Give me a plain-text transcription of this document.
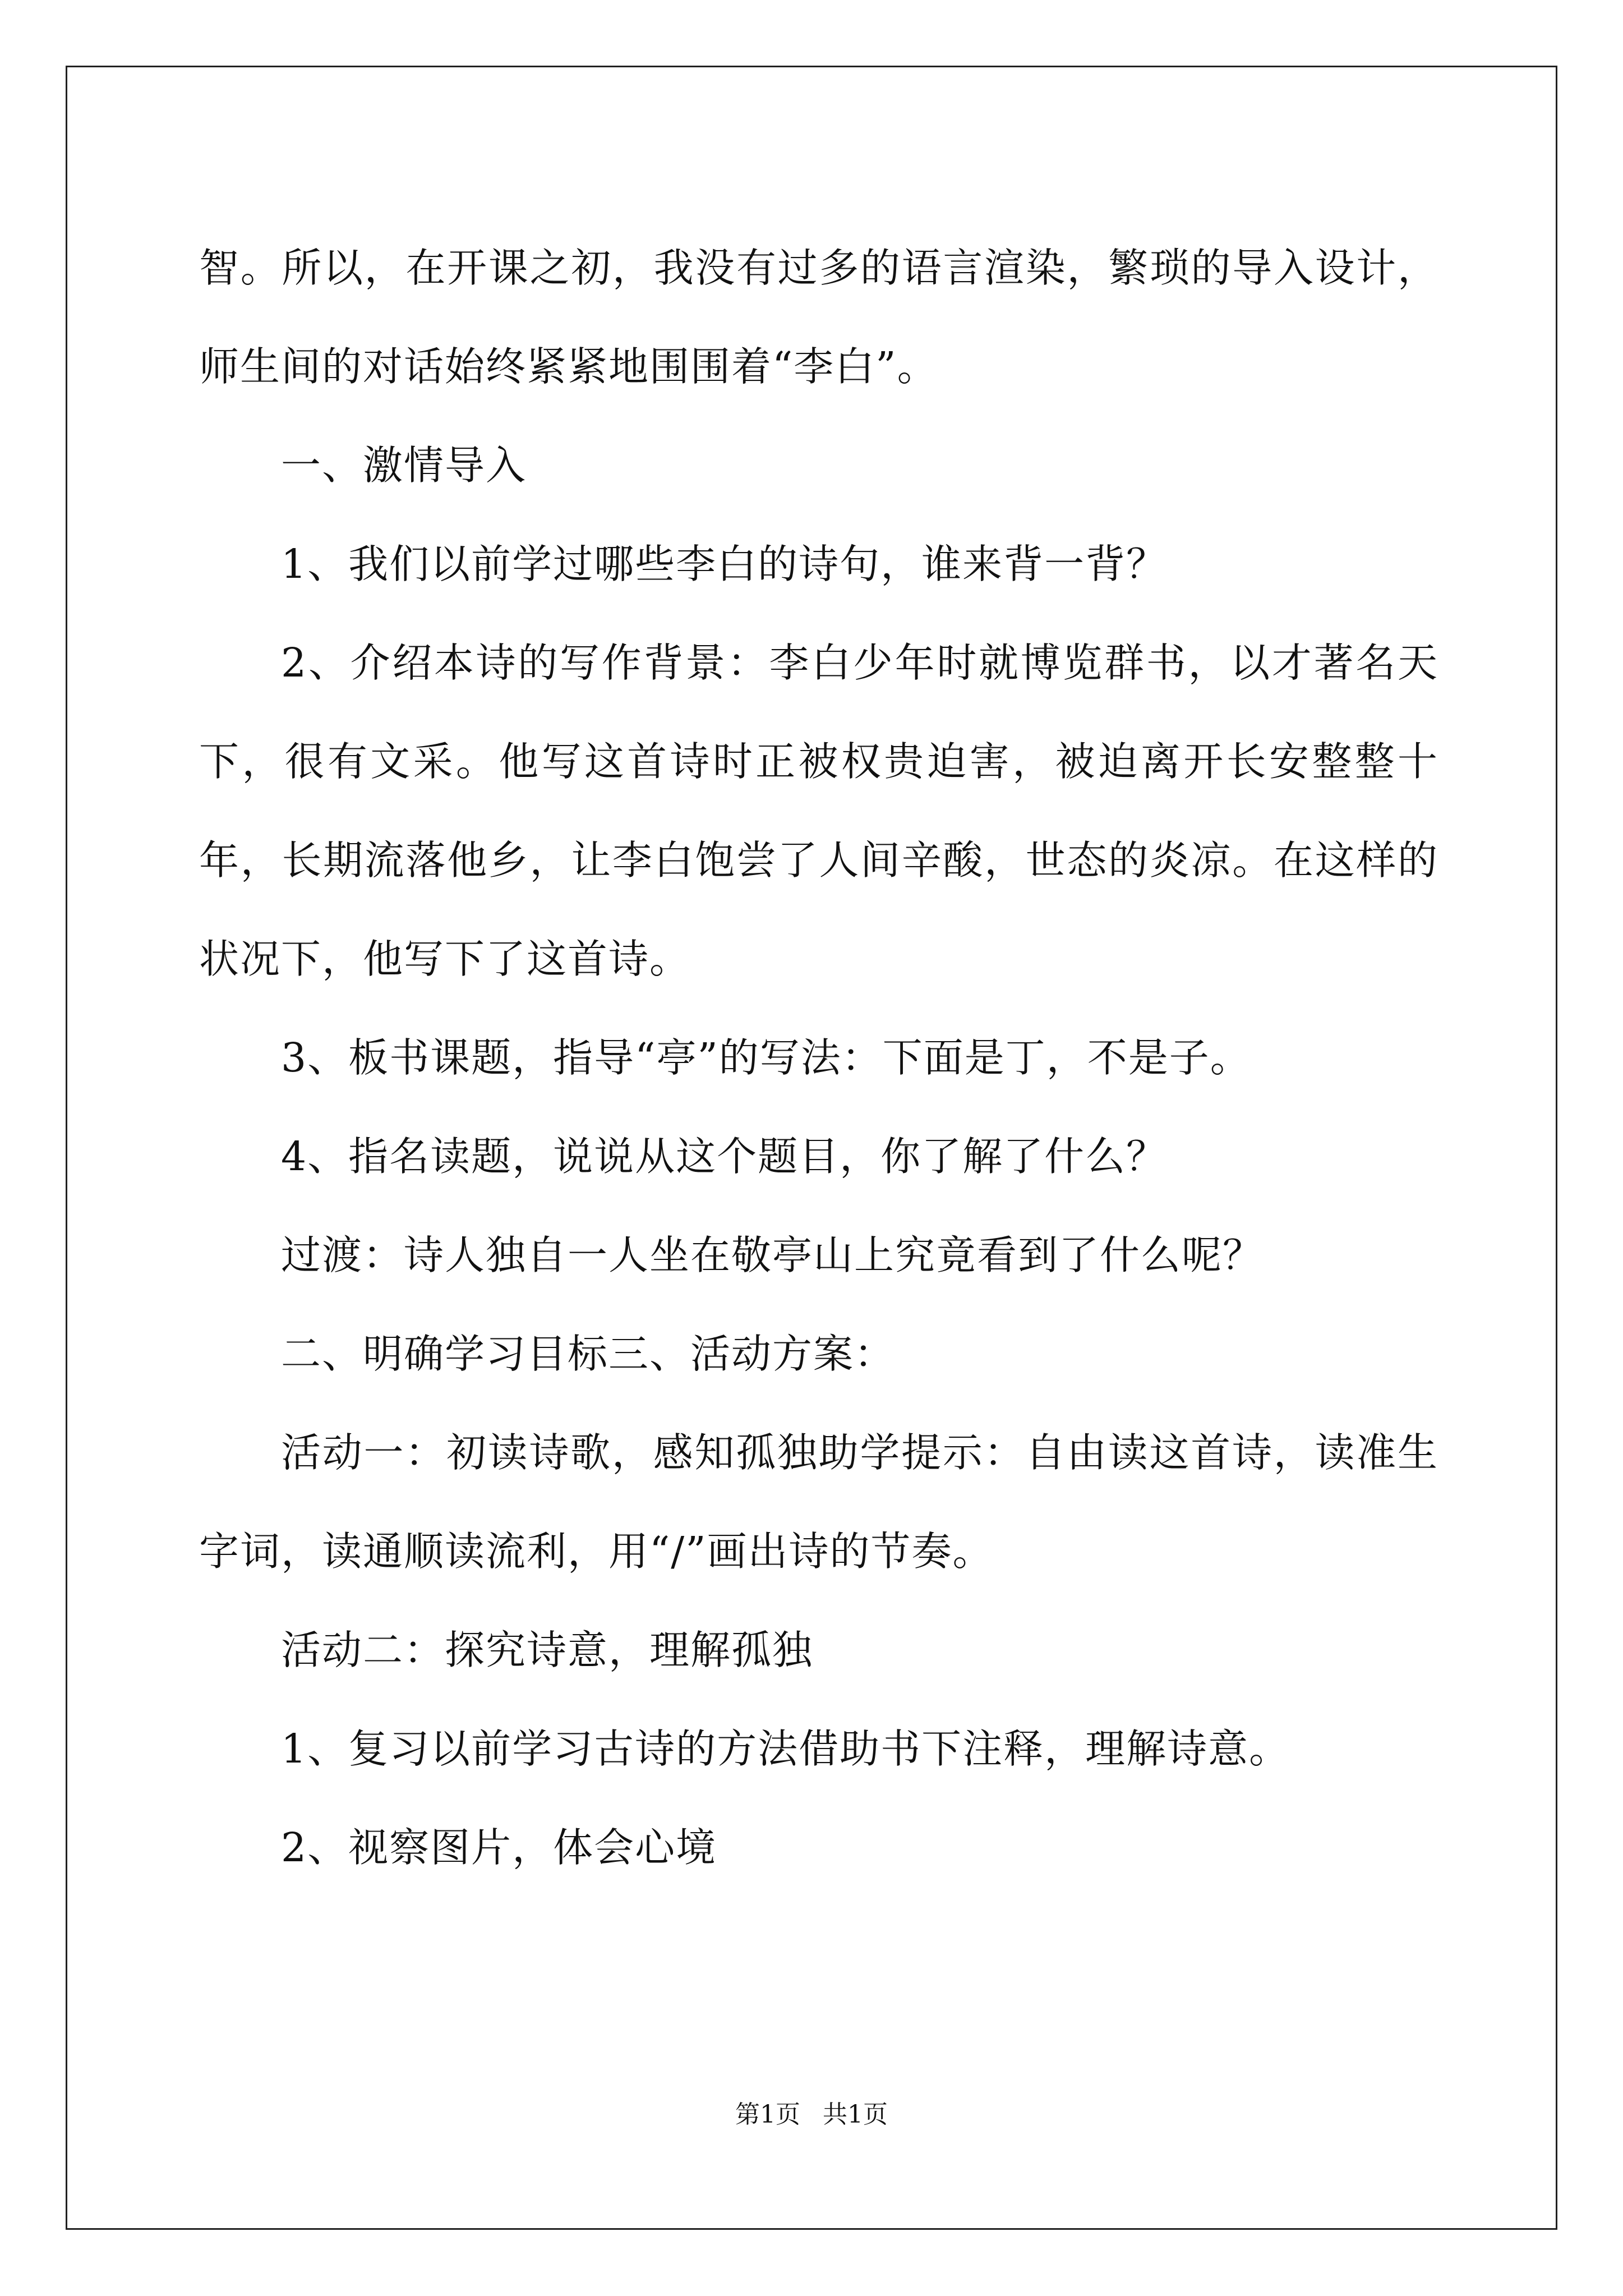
智。所以，在开课之初，我没有过多的语言渲染，繁琐的导入设计，师生间的对话始终紧紧地围围着“李白”。

一、激情导入

1、我们以前学过哪些李白的诗句，谁来背一背？

2、介绍本诗的写作背景：李白少年时就博览群书，以才著名天下，很有文采。他写这首诗时正被权贵迫害，被迫离开长安整整十年，长期流落他乡，让李白饱尝了人间辛酸，世态的炎凉。在这样的状况下，他写下了这首诗。

3、板书课题，指导“亭”的写法：下面是丁，不是子。

4、指名读题，说说从这个题目，你了解了什么？

过渡：诗人独自一人坐在敬亭山上究竟看到了什么呢？

二、明确学习目标三、活动方案：

活动一：初读诗歌，感知孤独助学提示：自由读这首诗，读准生字词，读通顺读流利，用“/”画出诗的节奏。

活动二：探究诗意，理解孤独

1、复习以前学习古诗的方法借助书下注释，理解诗意。

2、视察图片，体会心境

第1页 共1页
